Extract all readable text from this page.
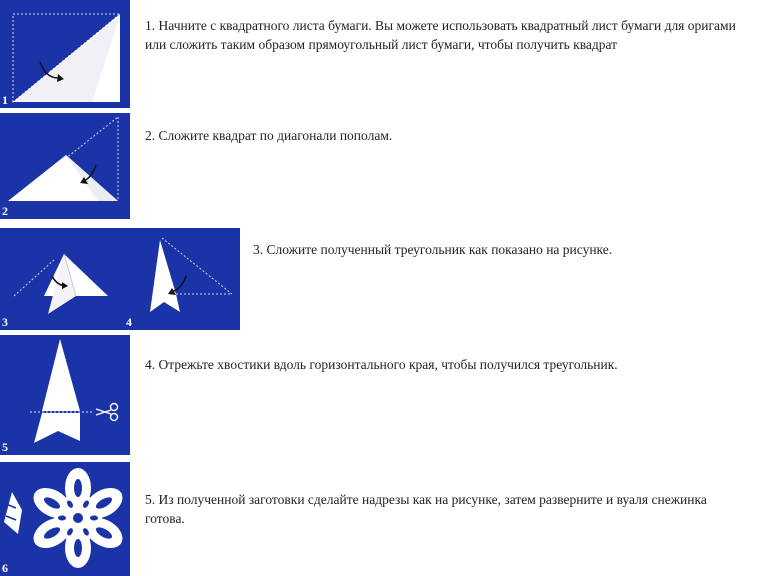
1

1. Начните с квадратного листа бумаги. Вы можете использовать квадратный лист бумаги для оригами или сложить таким образом прямоугольный лист бумаги, чтобы получить квадрат

2

2. Сложите квадрат по диагонали пополам.

3	4

3. Сложите полученный треугольник как показано на рисунке.

5

4. Отрежьте хвостики вдоль горизонтального края, чтобы получился треугольник.

6

5. Из полученной заготовки сделайте надрезы как на рисунке, затем разверните и вуаля снежинка готова.
